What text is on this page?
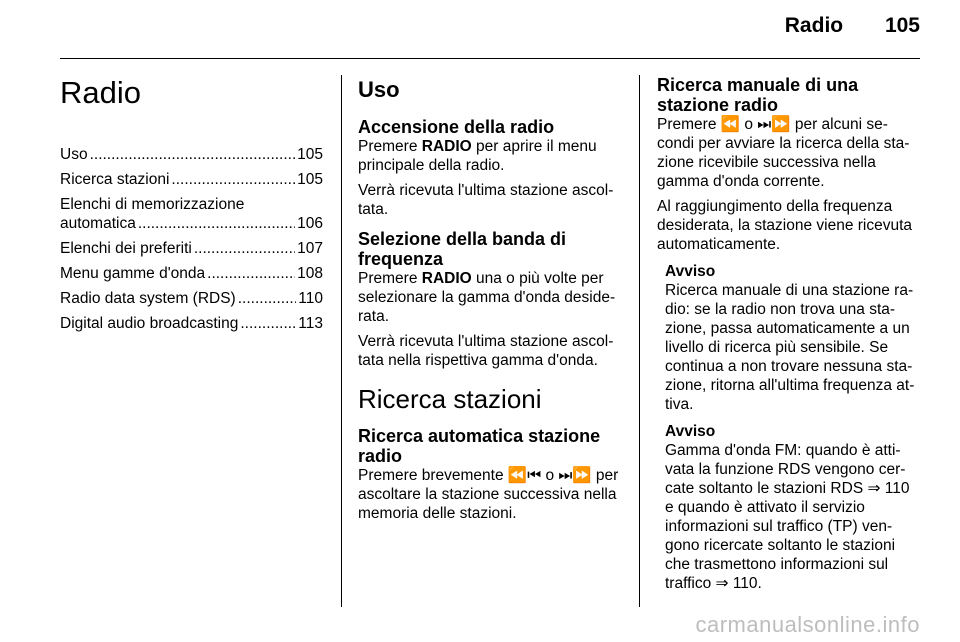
Radio 105
Radio
Uso .....	105
Ricerca stazioni .....	105
Elenchi di memorizzazione
automatica .....	106
Elenchi dei preferiti .....	107
Menu gamme d'onda .....	108
Radio data system (RDS) .....	110
Digital audio broadcasting .....	113
Uso
Accensione della radio

Premere RADIO per aprire il menu principale della radio.

Verrà ricevuta l'ultima stazione ascol-tata.

Selezione della banda di frequenza

Premere RADIO una o più volte per selezionare la gamma d'onda deside-rata.

Verrà ricevuta l'ultima stazione ascol-tata nella rispettiva gamma d'onda.

Ricerca stazioni
Ricerca automatica stazione radio

Premere brevemente ⏪⏮ o ⏭⏩ per ascoltare la stazione successiva nella memoria delle stazioni.

Ricerca manuale di una stazione radio

Premere ⏪ o ⏭⏩ per alcuni se-condi per avviare la ricerca della sta-zione ricevibile successiva nella gamma d'onda corrente.

Al raggiungimento della frequenza desiderata, la stazione viene ricevuta automaticamente.

Avviso

Ricerca manuale di una stazione ra-dio: se la radio non trova una sta-zione, passa automaticamente a un livello di ricerca più sensibile. Se continua a non trovare nessuna sta-zione, ritorna all'ultima frequenza at-tiva.

Avviso

Gamma d'onda FM: quando è atti-vata la funzione RDS vengono cer-cate soltanto le stazioni RDS ⇒ 110 e quando è attivato il servizio informazioni sul traffico (TP) ven-gono ricercate soltanto le stazioni che trasmettono informazioni sul traffico ⇒ 110.

carmanualsonline.info
